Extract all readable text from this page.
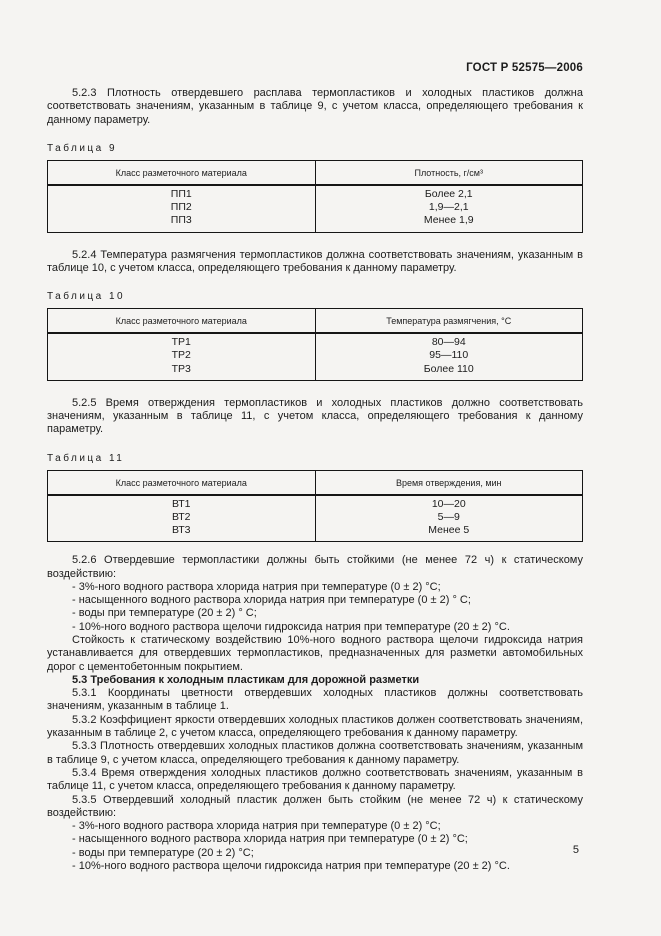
ГОСТ Р 52575—2006

5.2.3 Плотность отвердевшего расплава термопластиков и холодных пластиков должна соответствовать значениям, указанным в таблице 9, с учетом класса, определяющего требования к данному параметру.

Таблица 9
Класс разметочного материала	Плотность, г/см³
ПП1	Более 2,1
ПП2	1,9—2,1
ПП3	Менее 1,9

5.2.4 Температура размягчения термопластиков должна соответствовать значениям, указанным в таблице 10, с учетом класса, определяющего требования к данному параметру.

Таблица 10
Класс разметочного материала	Температура размягчения, °С
ТР1	80—94
ТР2	95—110
ТР3	Более 110

5.2.5 Время отверждения термопластиков и холодных пластиков должно соответствовать значениям, указанным в таблице 11, с учетом класса, определяющего требования к данному параметру.

Таблица 11
Класс разметочного материала	Время отверждения, мин
ВТ1	10—20
ВТ2	5—9
ВТ3	Менее 5

5.2.6 Отвердевшие термопластики должны быть стойкими (не менее 72 ч) к статическому воздействию:

- 3%-ного водного раствора хлорида натрия при температуре (0 ± 2) °С;

- насыщенного водного раствора хлорида натрия при температуре (0 ± 2) ° С;

- воды при температуре (20 ± 2) ° С;

- 10%-ного водного раствора щелочи гидроксида натрия при температуре (20 ± 2) °С.

Стойкость к статическому воздействию 10%-ного водного раствора щелочи гидроксида натрия устанавливается для отвердевших термопластиков, предназначенных для разметки автомобильных дорог с цементобетонным покрытием.

5.3 Требования к холодным пластикам для дорожной разметки

5.3.1 Координаты цветности отвердевших холодных пластиков должны соответствовать значениям, указанным в таблице 1.

5.3.2 Коэффициент яркости отвердевших холодных пластиков должен соответствовать значениям, указанным в таблице 2, с учетом класса, определяющего требования к данному параметру.

5.3.3 Плотность отвердевших холодных пластиков должна соответствовать значениям, указанным в таблице 9, с учетом класса, определяющего требования к данному параметру.

5.3.4 Время отверждения холодных пластиков должно соответствовать значениям, указанным в таблице 11, с учетом класса, определяющего требования к данному параметру.

5.3.5 Отвердевший холодный пластик должен быть стойким (не менее 72 ч) к статическому воздействию:

- 3%-ного водного раствора хлорида натрия при температуре (0 ± 2) °С;

- насыщенного водного раствора хлорида натрия при температуре (0 ± 2) °С;

- воды при температуре (20 ± 2) °С;

- 10%-ного водного раствора щелочи гидроксида натрия при температуре (20 ± 2) °С.

5
